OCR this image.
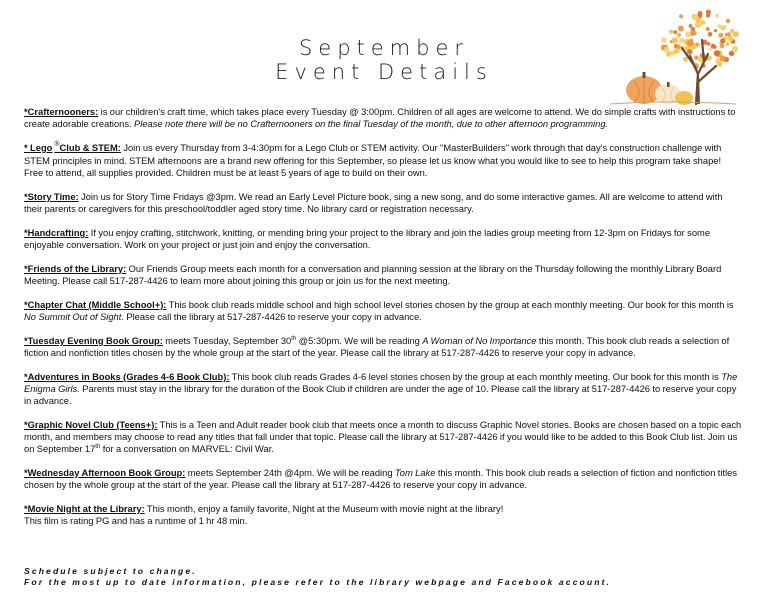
September
Event Details

*Crafternooners: is our children's craft time, which takes place every Tuesday @ 3:00pm. Children of all ages are welcome to attend. We do simple crafts with instructions to create adorable creations. Please note there will be no Crafternooners on the final Tuesday of the month, due to other afternoon programming.

* Lego ®Club & STEM: Join us every Thursday from 3-4:30pm for a Lego Club or STEM activity. Our "MasterBuilders" work through that day's construction challenge with STEM principles in mind. STEM afternoons are a brand new offering for this September, so please let us know what you would like to see to help this program take shape! Free to attend, all supplies provided. Children must be at least 5 years of age to build on their own.

*Story Time: Join us for Story Time Fridays @3pm. We read an Early Level Picture book, sing a new song, and do some interactive games. All are welcome to attend with their parents or caregivers for this preschool/toddler aged story time. No library card or registration necessary.

*Handcrafting: If you enjoy crafting, stitchwork, knitting, or mending bring your project to the library and join the ladies group meeting from 12-3pm on Fridays for some enjoyable conversation. Work on your project or just join and enjoy the conversation.

*Friends of the Library: Our Friends Group meets each month for a conversation and planning session at the library on the Thursday following the monthly Library Board Meeting. Please call 517-287-4426 to learn more about joining this group or join us for the next meeting.

*Chapter Chat (Middle School+): This book club reads middle school and high school level stories chosen by the group at each monthly meeting. Our book for this month is No Summit Out of Sight. Please call the library at 517-287-4426 to reserve your copy in advance.

*Tuesday Evening Book Group: meets Tuesday, September 30th @5:30pm. We will be reading A Woman of No Importance this month. This book club reads a selection of fiction and nonfiction titles chosen by the whole group at the start of the year. Please call the library at 517-287-4426 to reserve your copy in advance.

*Adventures in Books (Grades 4-6 Book Club): This book club reads Grades 4-6 level stories chosen by the group at each monthly meeting. Our book for this month is The Enigma Girls. Parents must stay in the library for the duration of the Book Club if children are under the age of 10. Please call the library at 517-287-4426 to reserve your copy in advance.

*Graphic Novel Club (Teens+): This is a Teen and Adult reader book club that meets once a month to discuss Graphic Novel stories. Books are chosen based on a topic each month, and members may choose to read any titles that fall under that topic. Please call the library at 517-287-4426 if you would like to be added to this Book Club list. Join us on September 17th for a conversation on MARVEL: Civil War.

*Wednesday Afternoon Book Group: meets September 24th @4pm. We will be reading Tom Lake this month. This book club reads a selection of fiction and nonfiction titles chosen by the whole group at the start of the year. Please call the library at 517-287-4426 to reserve your copy in advance.

*Movie Night at the Library: This month, enjoy a family favorite, Night at the Museum with movie night at the library!
This film is rating PG and has a runtime of 1 hr 48 min.

Schedule subject to change.
For the most up to date information, please refer to the library webpage and Facebook account.
